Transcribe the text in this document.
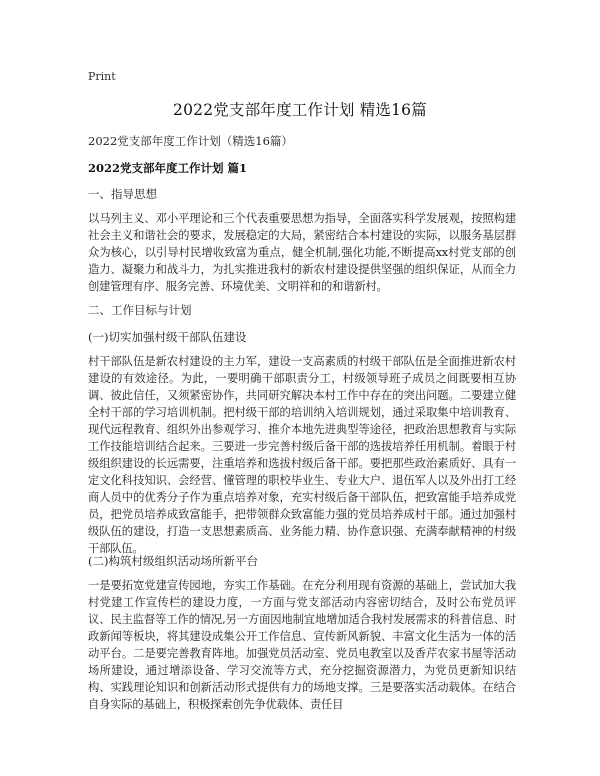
Print
2022党支部年度工作计划 精选16篇
2022党支部年度工作计划（精选16篇）
2022党支部年度工作计划 篇1
一、指导思想

以马列主义、邓小平理论和三个代表重要思想为指导，全面落实科学发展观，按照构建社会主义和谐社会的要求，发展稳定的大局，紧密结合本村建设的实际，以服务基层群众为核心，以引导村民增收致富为重点，健全机制,强化功能,不断提高xx村党支部的创造力、凝聚力和战斗力，为扎实推进我村的新农村建设提供坚强的组织保证，从而全力创建管理有序、服务完善、环境优美、文明祥和的和谐新村。

二、工作目标与计划
(一)切实加强村级干部队伍建设

村干部队伍是新农村建设的主力军，建设一支高素质的村级干部队伍是全面推进新农村建设的有效途径。为此，一要明确干部职责分工，村级领导班子成员之间既要相互协调、彼此信任，又须紧密协作，共同研究解决本村工作中存在的突出问题。二要建立健全村干部的学习培训机制。把村级干部的培训纳入培训规划，通过采取集中培训教育、现代远程教育、组织外出参观学习、推介本地先进典型等途径，把政治思想教育与实际工作技能培训结合起来。三要进一步完善村级后备干部的选拔培养任用机制。着眼于村级组织建设的长远需要，注重培养和选拔村级后备干部。要把那些政治素质好、具有一定文化科技知识、会经营、懂管理的职校毕业生、专业大户、退伍军人以及外出打工经商人员中的优秀分子作为重点培养对象，充实村级后备干部队伍，把致富能手培养成党员，把党员培养成致富能手，把带领群众致富能力强的党员培养成村干部。通过加强村级队伍的建设，打造一支思想素质高、业务能力精、协作意识强、充满奉献精神的村级干部队伍。

(二)构筑村级组织活动场所新平台

一是要拓宽党建宣传园地，夯实工作基础。在充分利用现有资源的基础上，尝试加大我村党建工作宣传栏的建设力度，一方面与党支部活动内容密切结合，及时公布党员评议、民主监督等工作的情况,另一方面因地制宜地增加适合我村发展需求的科普信息、时政新闻等板块，将其建设成集公开工作信息、宣传新风新貌、丰富文化生活为一体的活动平台。二是要完善教育阵地。加强党员活动室、党员电教室以及香芹农家书屋等活动场所建设，通过增添设备、学习交流等方式，充分挖掘资源潜力，为党员更新知识结构、实践理论知识和创新活动形式提供有力的场地支撑。三是要落实活动载体。在结合自身实际的基础上，积极探索创先争优载体、责任目
